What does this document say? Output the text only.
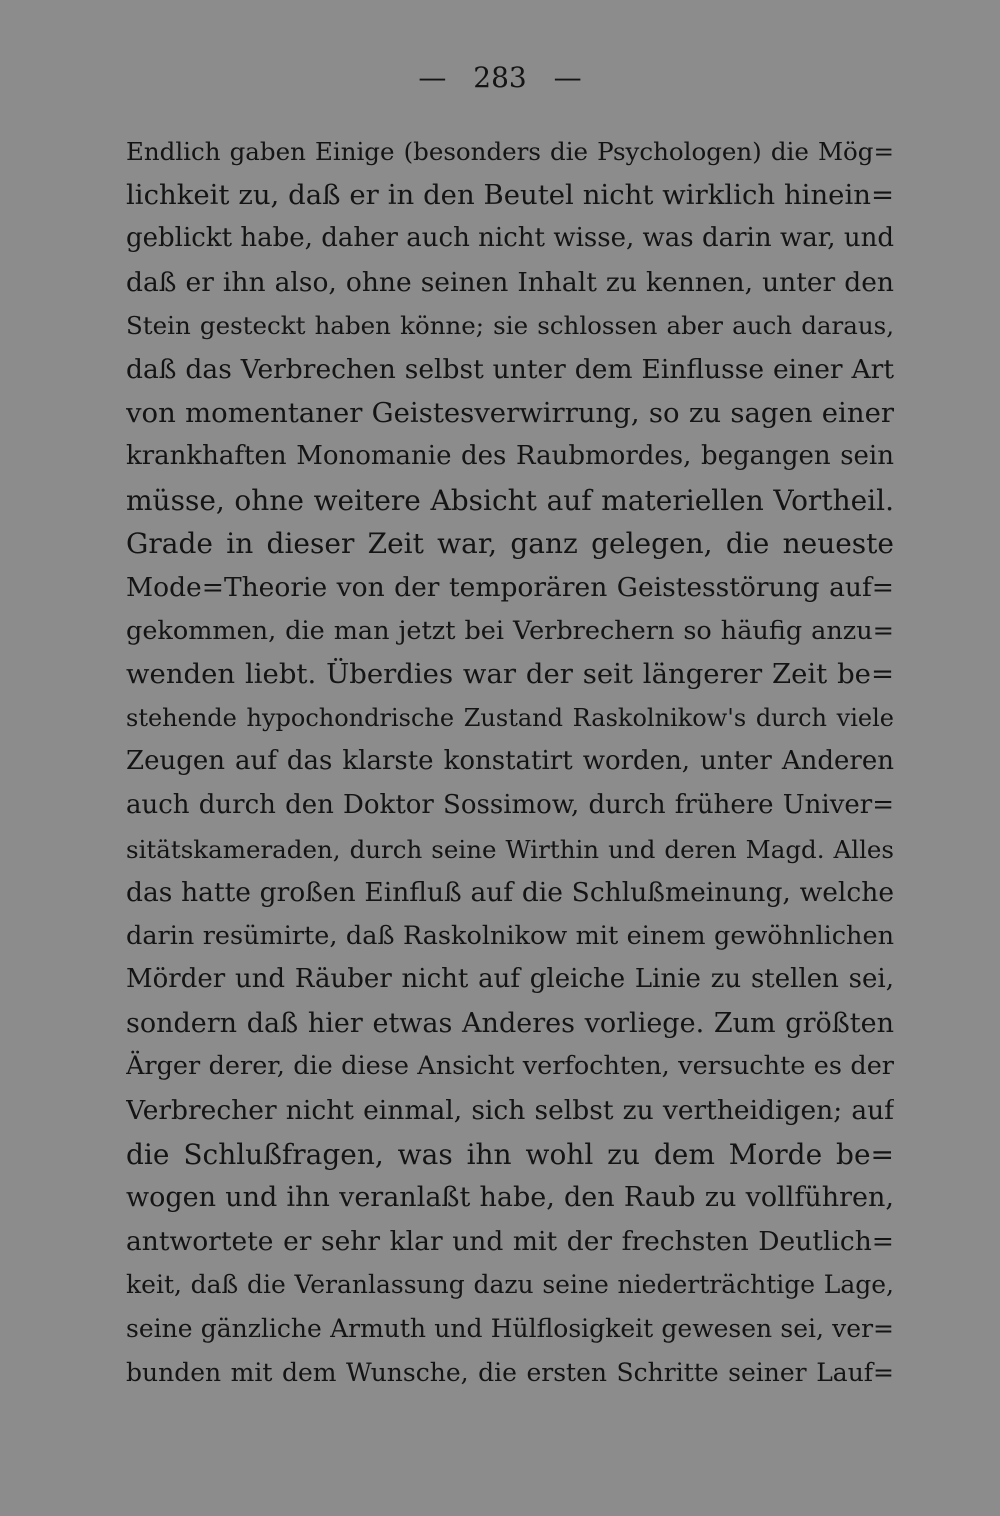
— 283 —
Endlich gaben Einige (besonders die Psychologen) die Mög=
lichkeit zu, daß er in den Beutel nicht wirklich hinein=
geblickt habe, daher auch nicht wisse, was darin war, und
daß er ihn also, ohne seinen Inhalt zu kennen, unter den
Stein gesteckt haben könne; sie schlossen aber auch daraus,
daß das Verbrechen selbst unter dem Einflusse einer Art
von momentaner Geistesverwirrung, so zu sagen einer
krankhaften Monomanie des Raubmordes, begangen sein
müsse, ohne weitere Absicht auf materiellen Vortheil.
Grade in dieser Zeit war, ganz gelegen, die neueste
Mode=Theorie von der temporären Geistesstörung auf=
gekommen, die man jetzt bei Verbrechern so häufig anzu=
wenden liebt. Überdies war der seit längerer Zeit be=
stehende hypochondrische Zustand Raskolnikow's durch viele
Zeugen auf das klarste konstatirt worden, unter Anderen
auch durch den Doktor Sossimow, durch frühere Univer=
sitätskameraden, durch seine Wirthin und deren Magd. Alles
das hatte großen Einfluß auf die Schlußmeinung, welche
darin resümirte, daß Raskolnikow mit einem gewöhnlichen
Mörder und Räuber nicht auf gleiche Linie zu stellen sei,
sondern daß hier etwas Anderes vorliege. Zum größten
Ärger derer, die diese Ansicht verfochten, versuchte es der
Verbrecher nicht einmal, sich selbst zu vertheidigen; auf
die Schlußfragen, was ihn wohl zu dem Morde be=
wogen und ihn veranlaßt habe, den Raub zu vollführen,
antwortete er sehr klar und mit der frechsten Deutlich=
keit, daß die Veranlassung dazu seine niederträchtige Lage,
seine gänzliche Armuth und Hülflosigkeit gewesen sei, ver=
bunden mit dem Wunsche, die ersten Schritte seiner Lauf=
